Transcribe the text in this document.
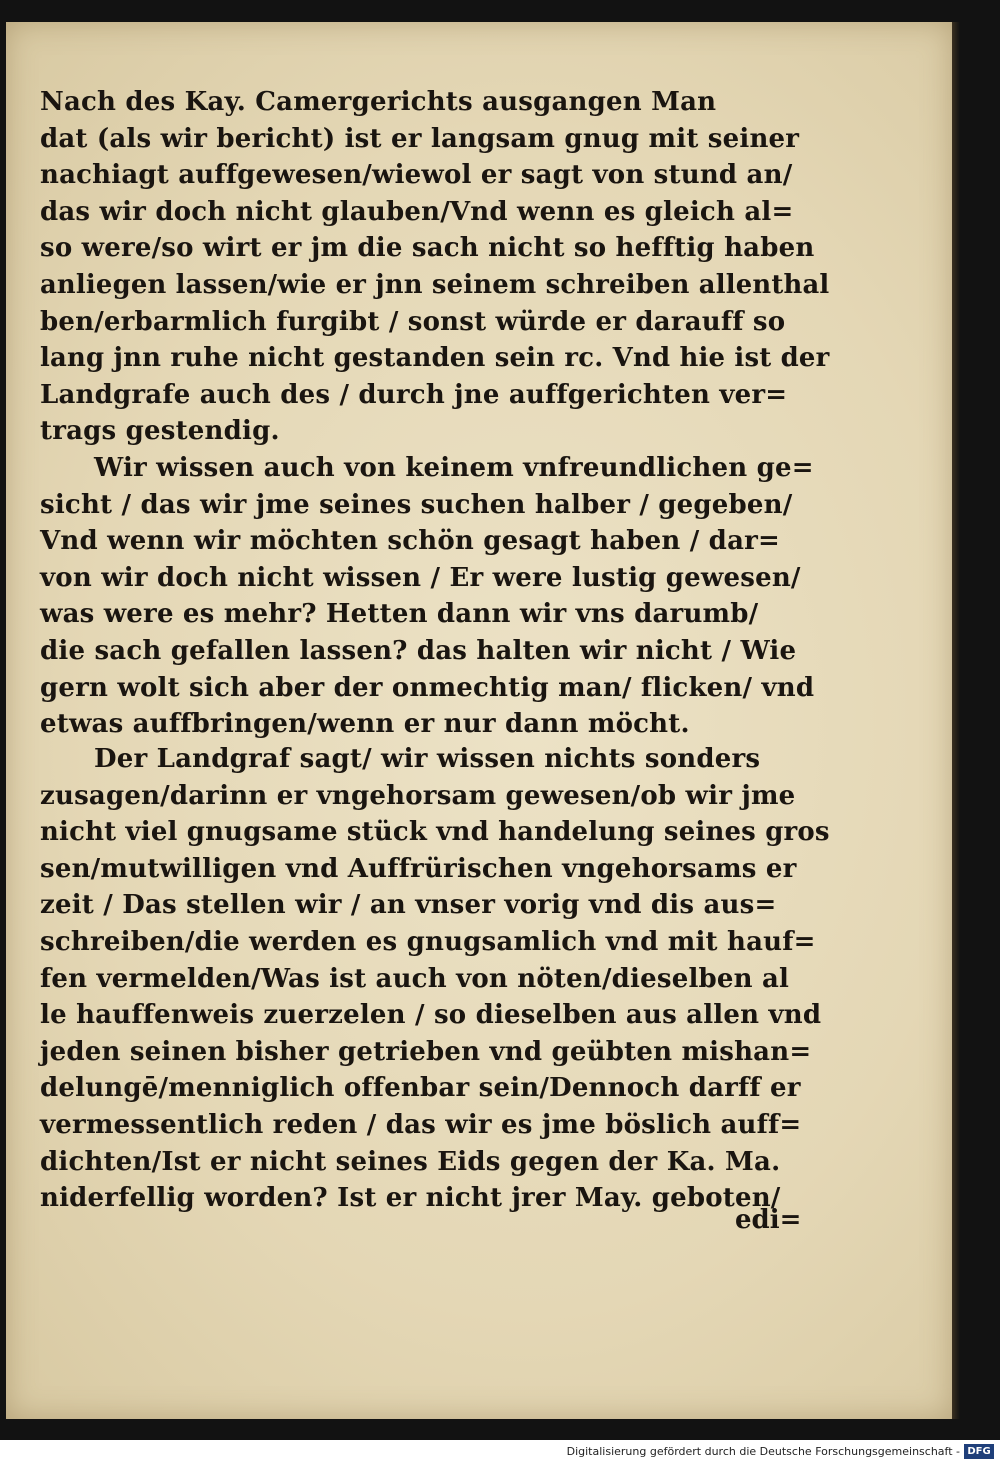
Nach des Kay. Camergerichts ausgangen Man
dat (als wir bericht) ist er langsam gnug mit seiner
nachiagt auffgewesen/wiewol er sagt von stund an/
das wir doch nicht glauben/Vnd wenn es gleich al=
so were/so wirt er jm die sach nicht so hefftig haben
anliegen lassen/wie er jnn seinem schreiben allenthal
ben/erbarmlich furgibt / sonst würde er darauff so
lang jnn ruhe nicht gestanden sein rc. Vnd hie ist der
Landgrafe auch des / durch jne auffgerichten ver=
trags gestendig.
Wir wissen auch von keinem vnfreundlichen ge=
sicht / das wir jme seines suchen halber / gegeben/
Vnd wenn wir möchten schön gesagt haben / dar=
von wir doch nicht wissen / Er were lustig gewesen/
was were es mehr? Hetten dann wir vns darumb/
die sach gefallen lassen? das halten wir nicht / Wie
gern wolt sich aber der onmechtig man/ flicken/ vnd
etwas auffbringen/wenn er nur dann möcht.
Der Landgraf sagt/ wir wissen nichts sonders
zusagen/darinn er vngehorsam gewesen/ob wir jme
nicht viel gnugsame stück vnd handelung seines gros
sen/mutwilligen vnd Auffrürischen vngehorsams er
zeit / Das stellen wir / an vnser vorig vnd dis aus=
schreiben/die werden es gnugsamlich vnd mit hauf=
fen vermelden/Was ist auch von nöten/dieselben al
le hauffenweis zuerzelen / so dieselben aus allen vnd
jeden seinen bisher getrieben vnd geübten mishan=
delungē/menniglich offenbar sein/Dennoch darff er
vermessentlich reden / das wir es jme böslich auff=
dichten/Ist er nicht seines Eids gegen der Ka. Ma.
niderfellig worden? Ist er nicht jrer May. geboten/
edi=
Digitalisierung gefördert durch die Deutsche Forschungsgemeinschaft - DFG
